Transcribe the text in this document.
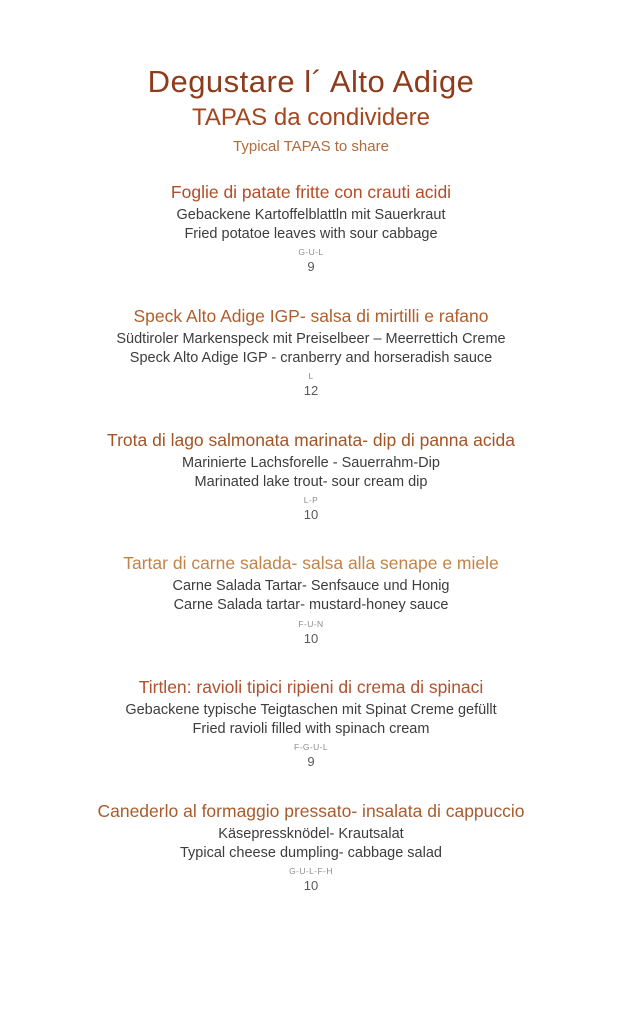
Degustare l´ Alto Adige
TAPAS da condividere
Typical TAPAS to share
Foglie di patate fritte con crauti acidi

Gebackene Kartoffelblattln mit Sauerkraut

Fried potatoe leaves with sour cabbage

G-U-L

9

Speck Alto Adige IGP- salsa di mirtilli e rafano

Südtiroler Markenspeck mit Preiselbeer – Meerrettich Creme

Speck Alto Adige IGP - cranberry and horseradish sauce

L

12

Trota di lago salmonata marinata- dip di panna acida

Marinierte Lachsforelle - Sauerrahm-Dip

Marinated lake trout- sour cream dip

L-P

10

Tartar di carne salada- salsa alla senape e miele

Carne Salada Tartar- Senfsauce und Honig

Carne Salada tartar- mustard-honey sauce

F-U-N

10

Tirtlen: ravioli tipici ripieni di crema di spinaci

Gebackene typische Teigtaschen mit Spinat Creme gefüllt

Fried ravioli filled with spinach cream

F-G-U-L

9

Canederlo al formaggio pressato- insalata di cappuccio

Käsepressknödel- Krautsalat

Typical cheese dumpling- cabbage salad

G-U-L-F-H

10
